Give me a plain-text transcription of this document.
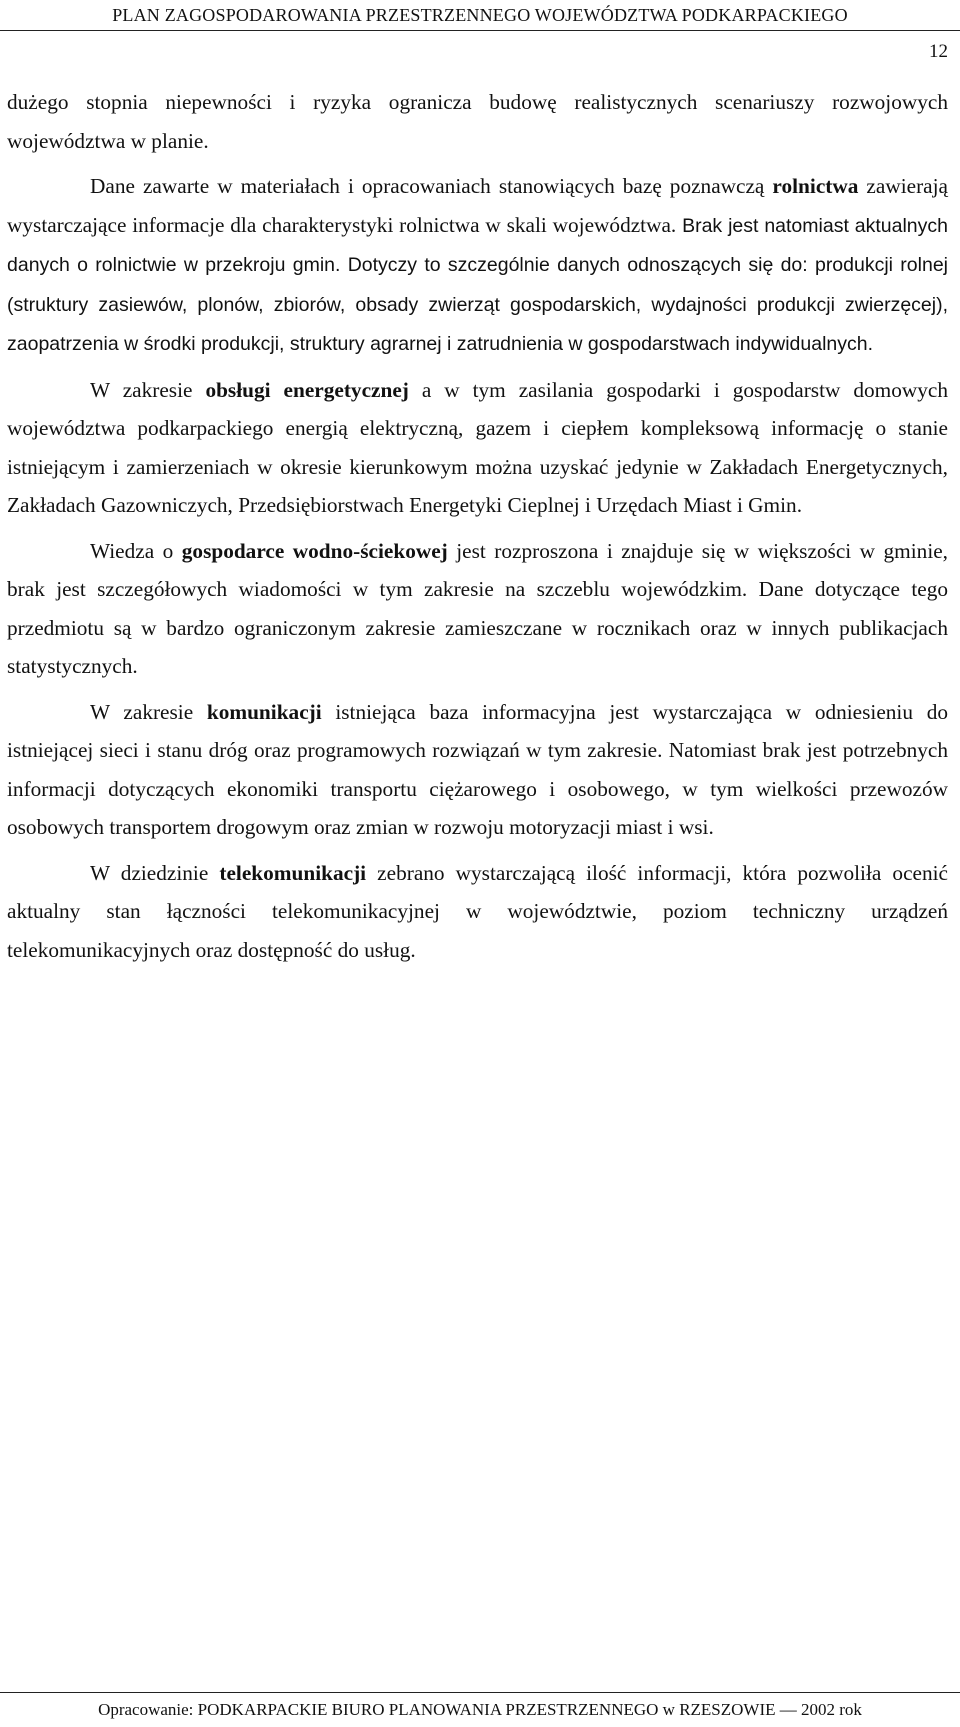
PLAN ZAGOSPODAROWANIA PRZESTRZENNEGO WOJEWÓDZTWA PODKARPACKIEGO
12

dużego stopnia niepewności i ryzyka ogranicza budowę realistycznych scenariuszy rozwojowych województwa w planie.

Dane zawarte w materiałach i opracowaniach stanowiących bazę poznawczą rolnictwa zawierają wystarczające informacje dla charakterystyki rolnictwa w skali województwa. Brak jest natomiast aktualnych danych o rolnictwie w przekroju gmin. Dotyczy to szczególnie danych odnoszących się do: produkcji rolnej (struktury zasiewów, plonów, zbiorów, obsady zwierząt gospodarskich, wydajności produkcji zwierzęcej), zaopatrzenia w środki produkcji, struktury agrarnej i zatrudnienia w gospodarstwach indywidualnych.

W zakresie obsługi energetycznej a w tym zasilania gospodarki i gospodarstw domowych województwa podkarpackiego energią elektryczną, gazem i ciepłem kompleksową informację o stanie istniejącym i zamierzeniach w okresie kierunkowym można uzyskać jedynie w Zakładach Energetycznych, Zakładach Gazowniczych, Przedsiębiorstwach Energetyki Cieplnej i Urzędach Miast i Gmin.

Wiedza o gospodarce wodno-ściekowej jest rozproszona i znajduje się w większości w gminie, brak jest szczegółowych wiadomości w tym zakresie na szczeblu wojewódzkim. Dane dotyczące tego przedmiotu są w bardzo ograniczonym zakresie zamieszczane w rocznikach oraz w innych publikacjach statystycznych.

W zakresie komunikacji istniejąca baza informacyjna jest wystarczająca w odniesieniu do istniejącej sieci i stanu dróg oraz programowych rozwiązań w tym zakresie. Natomiast brak jest potrzebnych informacji dotyczących ekonomiki transportu ciężarowego i osobowego, w tym wielkości przewozów osobowych transportem drogowym oraz zmian w rozwoju motoryzacji miast i wsi.

W dziedzinie telekomunikacji zebrano wystarczającą ilość informacji, która pozwoliła ocenić aktualny stan łączności telekomunikacyjnej w województwie, poziom techniczny urządzeń telekomunikacyjnych oraz dostępność do usług.

Opracowanie: PODKARPACKIE BIURO PLANOWANIA PRZESTRZENNEGO w RZESZOWIE — 2002 rok
